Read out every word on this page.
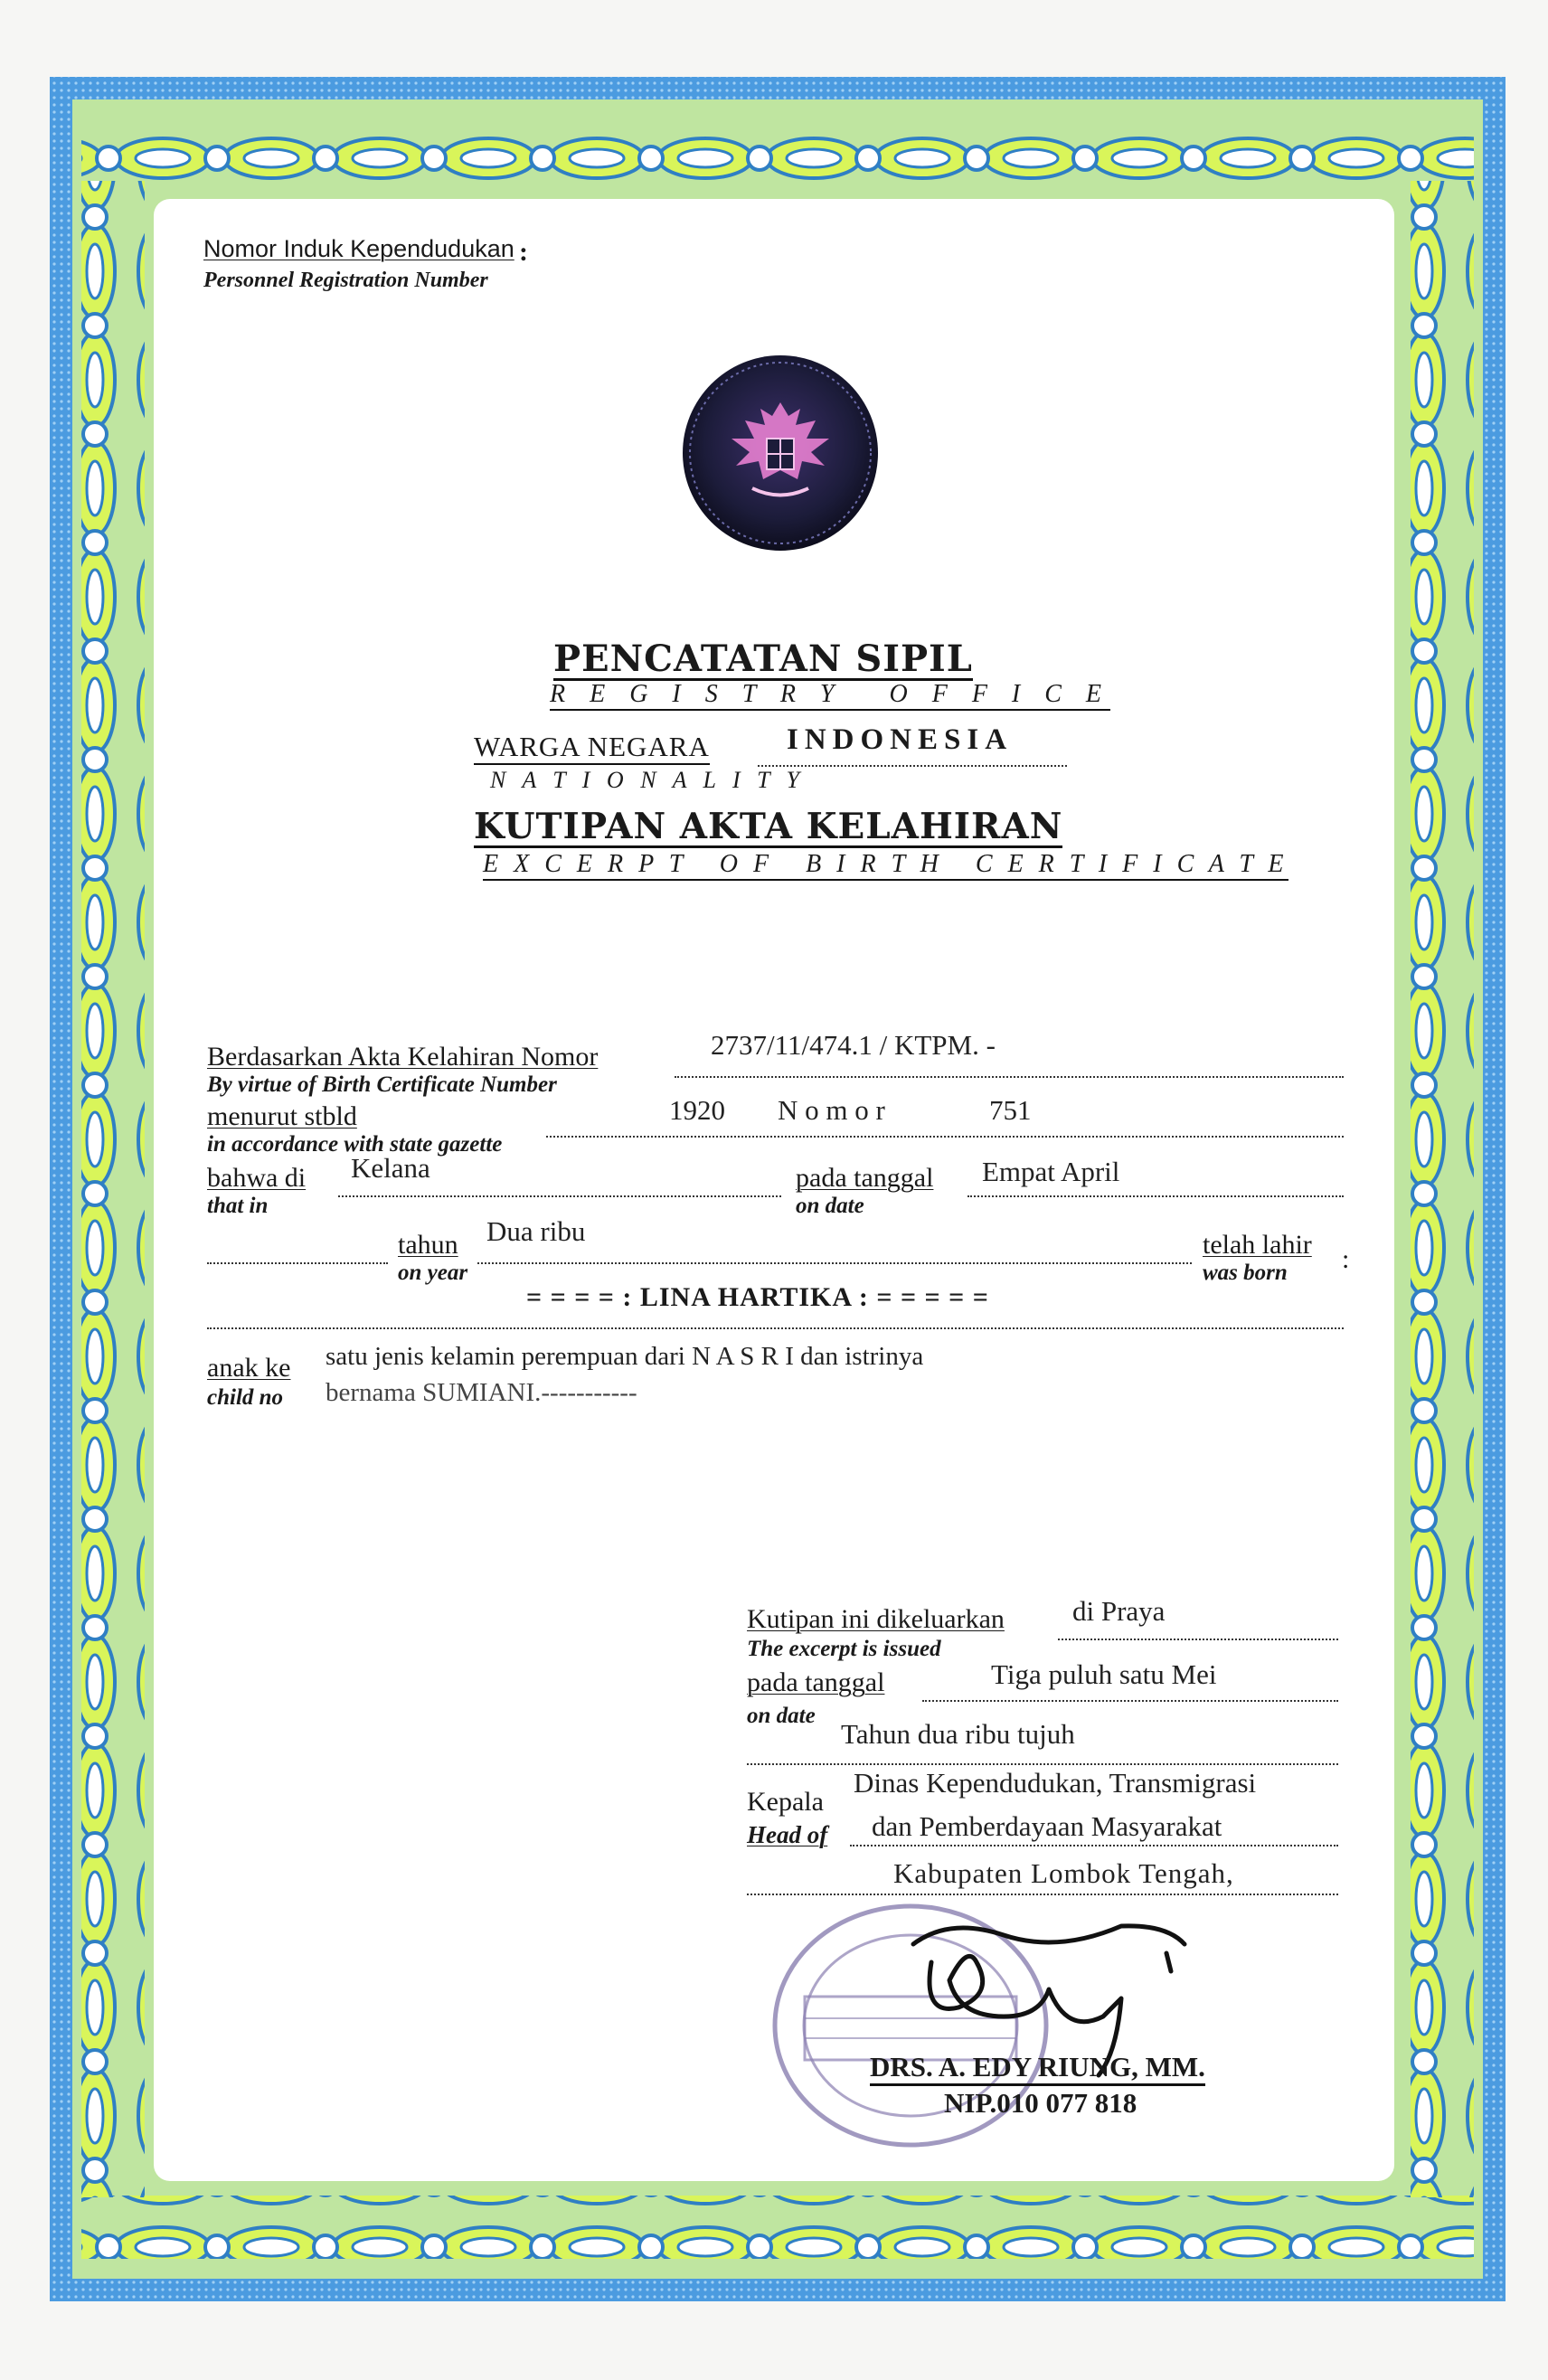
Nomor Induk Kependudukan :
Personnel Registration Number
PENCATATAN SIPIL
R E G I S T R Y   O F F I C E
WARGA NEGARA	INDONESIA
N A T I O N A L I T Y
KUTIPAN AKTA KELAHIRAN
E X C E R P T   O F   B I R T H   C E R T I F I C A T E
Berdasarkan Akta Kelahiran Nomor	2737/11/474.1 / KTPM. -
By virtue of Birth Certificate Number
menurut stbld	1920 N o m o r	751
in accordance with state gazette
bahwa di Kelana
that in
pada tanggal Empat April
on date
tahun Dua ribu
on year
telah lahir :
was born
= = = = : LINA HARTIKA : = = = = =
anak ke
child no
satu jenis kelamin perempuan dari N A S R I dan istrinya
bernama SUMIANI.-----------
Kutipan ini dikeluarkan di Praya
The excerpt is issued
pada tanggal	Tiga puluh satu Mei
on date
Tahun dua ribu tujuh
Kepala
Head of
Dinas Kependudukan, Transmigrasi
dan Pemberdayaan Masyarakat
Kabupaten Lombok Tengah,
DRS. A. EDY RIUNG, MM.
NIP.010 077 818
